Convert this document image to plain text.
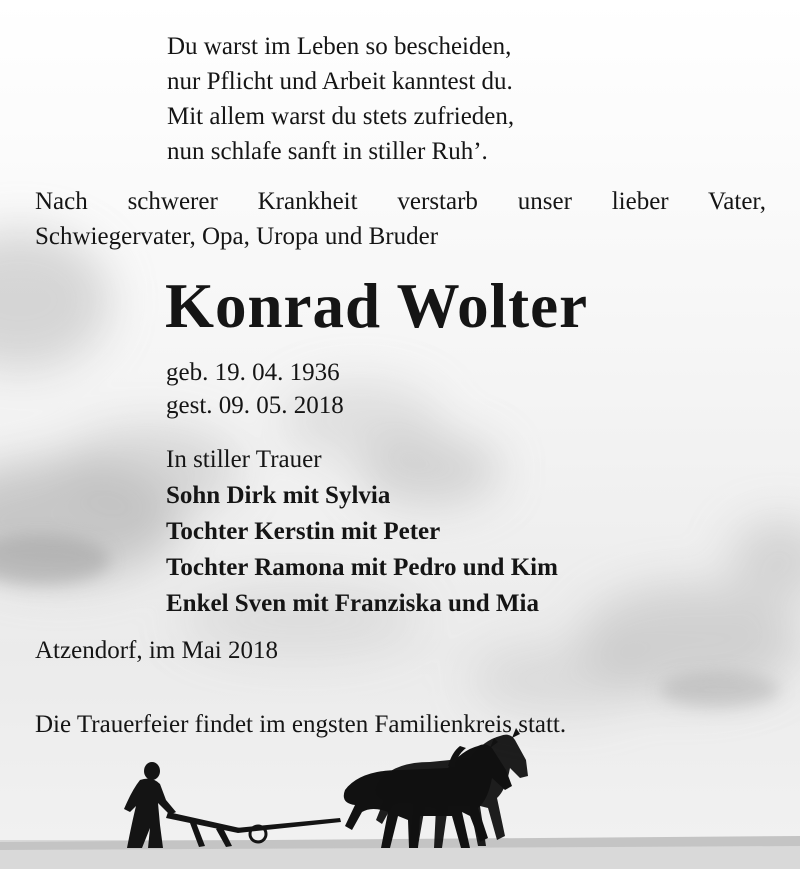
Du warst im Leben so bescheiden,
nur Pflicht und Arbeit kanntest du.
Mit allem warst du stets zufrieden,
nun schlafe sanft in stiller Ruh’.
Nach schwerer Krankheit verstarb unser lieber Vater,
Schwiegervater, Opa, Uropa und Bruder
Konrad Wolter
geb. 19. 04. 1936
gest. 09. 05. 2018
In stiller Trauer
Sohn Dirk mit Sylvia
Tochter Kerstin mit Peter
Tochter Ramona mit Pedro und Kim
Enkel Sven mit Franziska und Mia
Atzendorf, im Mai 2018
Die Trauerfeier findet im engsten Familienkreis statt.
